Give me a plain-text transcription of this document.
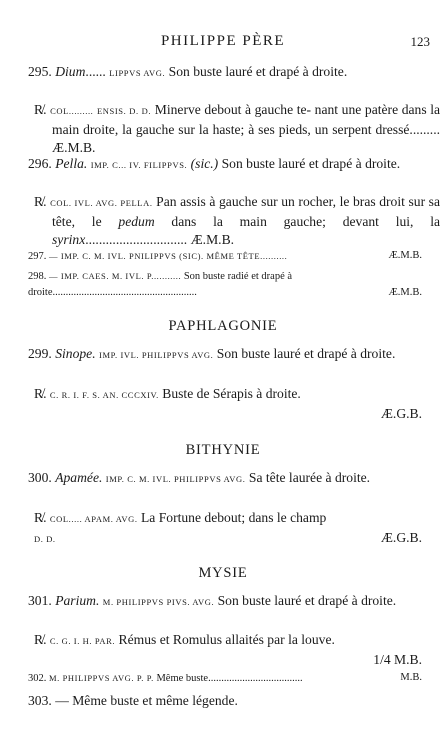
PHILIPPE PÈRE	123
295. Dium...... LIPPVS AVG. Son buste lauré et drapé à droite.
R̸. COL......... ENSIS. D. D. Minerve debout à gauche te- nant une patère dans la main droite, la gauche sur la haste; à ses pieds, un serpent dressé......... Æ.M.B.
296. Pella. IMP. C... IV. FILIPPVS. (sic.) Son buste lauré et drapé à droite.
R̸. COL. IVL. AVG. PELLA. Pan assis à gauche sur un rocher, le bras droit sur sa tête, le pedum dans la main gauche; devant lui, la syrinx.............................. Æ.M.B.
297. — IMP. C. M. IVL. PNILIPPVS (SIC). MÊME TÊTE..........	Æ.M.B.
298. — IMP. CAES. M. IVL. P........... Son buste radié et drapé à
droite.......................................................	Æ.M.B.
PAPHLAGONIE
299. Sinope. IMP. IVL. PHILIPPVS AVG. Son buste lauré et drapé à droite.
R̸. C. R. I. F. S. AN. CCCXIV. Buste de Sérapis à droite.
Æ.G.B.
BITHYNIE
300. Apamée. IMP. C. M. IVL. PHILIPPVS AVG. Sa tête laurée à droite.
R̸. COL..... APAM. AVG. La Fortune debout; dans le champ
D. D.	Æ.G.B.
MYSIE
301. Parium. M. PHILIPPVS PIVS. AVG. Son buste lauré et drapé à droite.
R̸. C. G. I. H. PAR. Rémus et Romulus allaités par la louve.
1/4 M.B.
302. M. PHILIPPVS AVG. P. P. Même buste....................................	M.B.
303. — Même buste et même légende.
